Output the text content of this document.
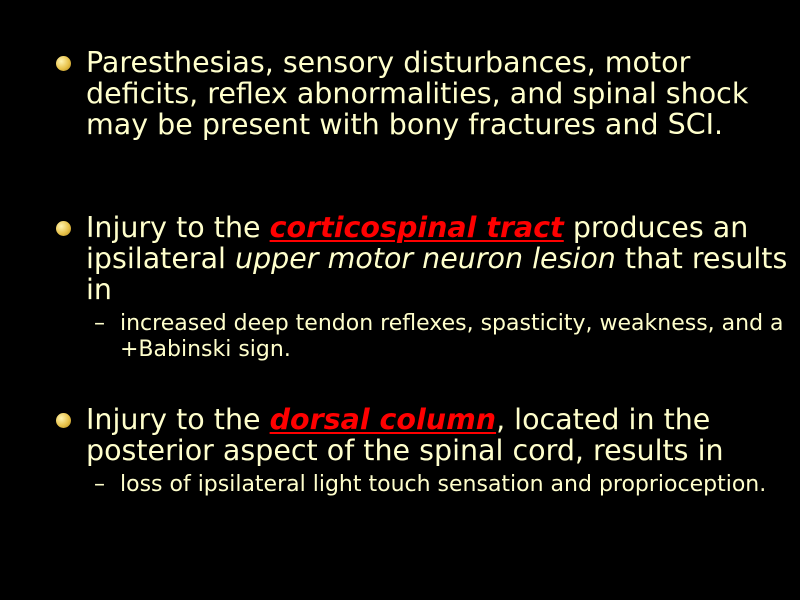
Paresthesias, sensory disturbances, motor deficits, reflex abnormalities, and spinal shock may be present with bony fractures and SCI.
Injury to the corticospinal tract produces an ipsilateral upper motor neuron lesion that results in
– increased deep tendon reflexes, spasticity, weakness, and a +Babinski sign.
Injury to the dorsal column, located in the posterior aspect of the spinal cord, results in
– loss of ipsilateral light touch sensation and proprioception.
